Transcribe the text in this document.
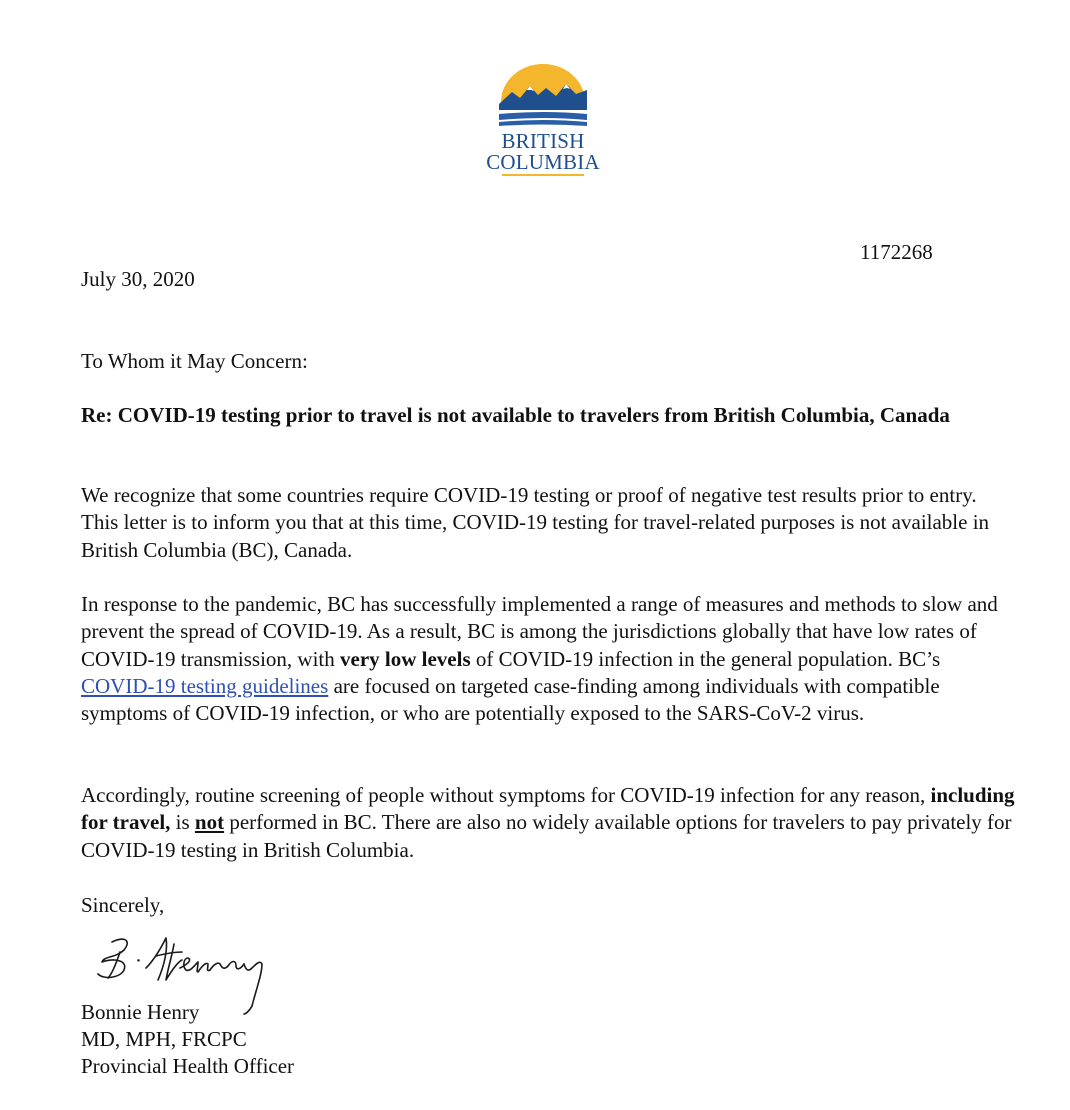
BRITISH
COLUMBIA
1172268
July 30, 2020
To Whom it May Concern:
Re: COVID-19 testing prior to travel is not available to travelers from British Columbia, Canada
We recognize that some countries require COVID-19 testing or proof of negative test results prior to entry. This letter is to inform you that at this time, COVID-19 testing for travel-related purposes is not available in British Columbia (BC), Canada.
In response to the pandemic, BC has successfully implemented a range of measures and methods to slow and prevent the spread of COVID-19. As a result, BC is among the jurisdictions globally that have low rates of COVID-19 transmission, with very low levels of COVID-19 infection in the general population. BC’s COVID-19 testing guidelines are focused on targeted case-finding among individuals with compatible symptoms of COVID-19 infection, or who are potentially exposed to the SARS-CoV-2 virus.
Accordingly, routine screening of people without symptoms for COVID-19 infection for any reason, including for travel, is not performed in BC. There are also no widely available options for travelers to pay privately for COVID-19 testing in British Columbia.
Sincerely,
Bonnie Henry
MD, MPH, FRCPC
Provincial Health Officer
